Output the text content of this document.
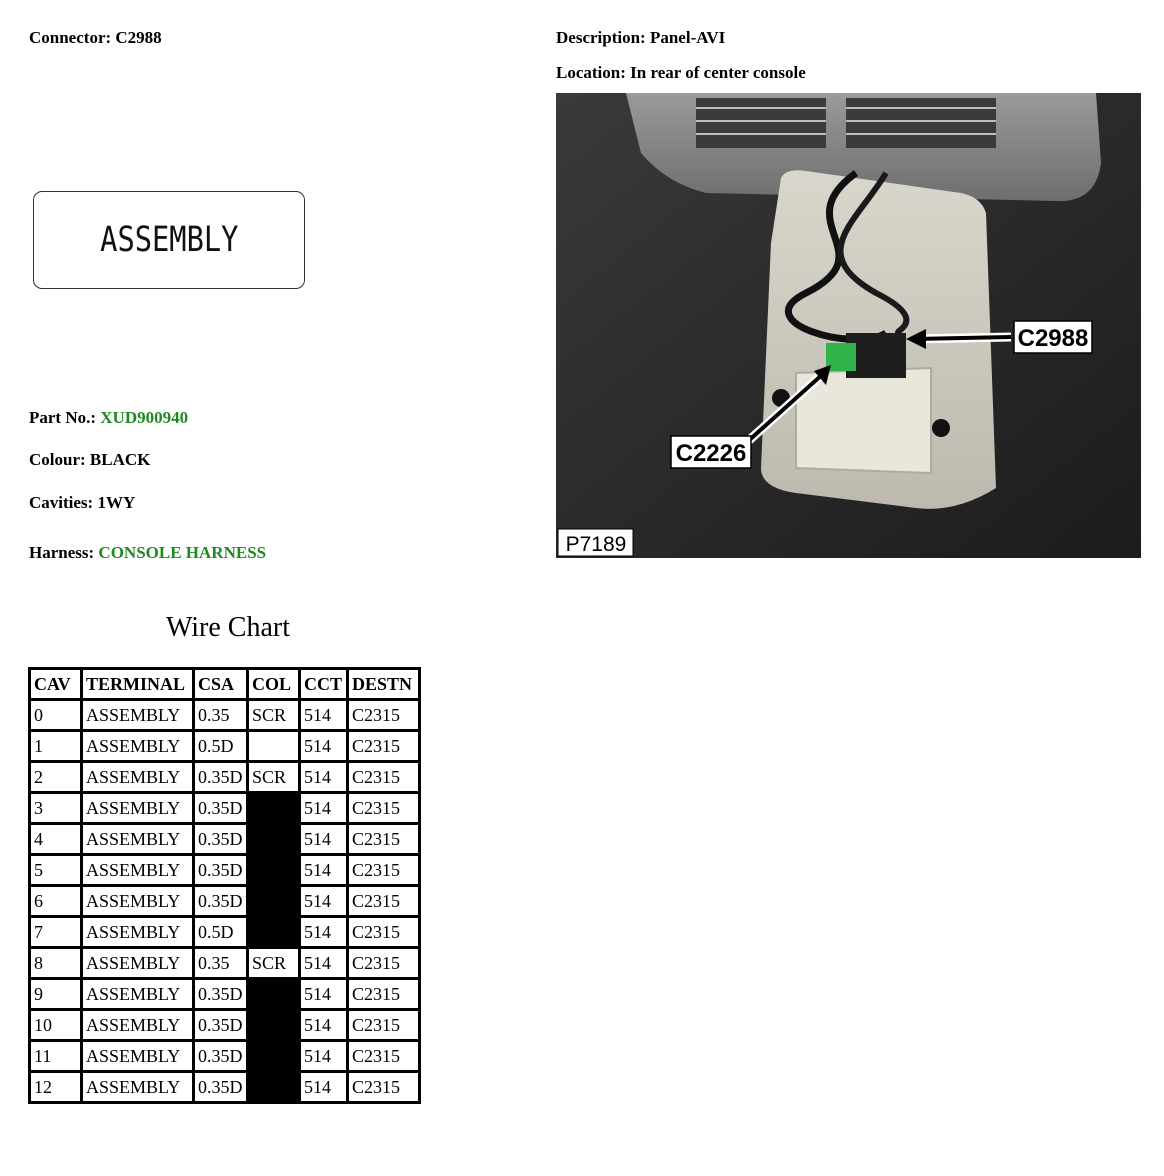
Connector: C2988	Description: Panel-AVI
Location: In rear of center console
ASSEMBLY
Part No.: XUD900940
Colour: BLACK
Cavities: 1WY
Harness: CONSOLE HARNESS
C2988
C2226
P7189
Wire Chart
CAV	TERMINAL	CSA	COL	CCT	DESTN
0	ASSEMBLY	0.35	SCR	514	C2315
1	ASSEMBLY	0.5D		514	C2315
2	ASSEMBLY	0.35D	SCR	514	C2315
3	ASSEMBLY	0.35D		514	C2315
4	ASSEMBLY	0.35D		514	C2315
5	ASSEMBLY	0.35D		514	C2315
6	ASSEMBLY	0.35D		514	C2315
7	ASSEMBLY	0.5D		514	C2315
8	ASSEMBLY	0.35	SCR	514	C2315
9	ASSEMBLY	0.35D		514	C2315
10	ASSEMBLY	0.35D		514	C2315
11	ASSEMBLY	0.35D		514	C2315
12	ASSEMBLY	0.35D		514	C2315
